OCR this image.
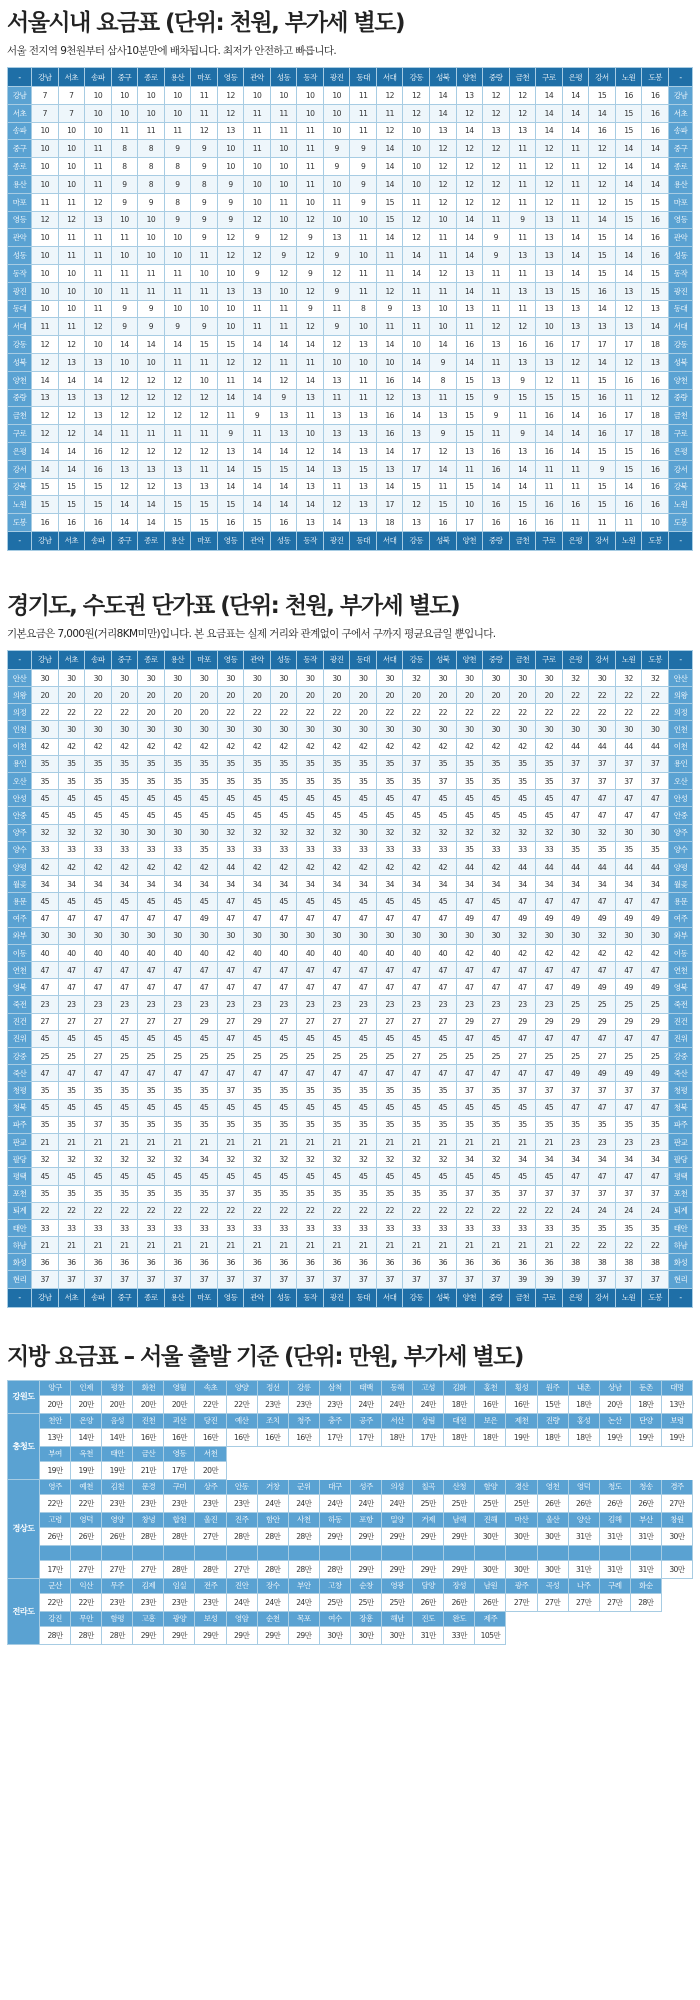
서울시내 요금표 (단위: 천원, 부가세 별도)
서울 전지역 9천원부터 삼사10분만에 배차됩니다. 최저가 안전하고 빠릅니다.
-	강남	서초	송파	중구	종로	용산	마포	영등	관악	성동	동작	광진	동대	서대	강동	성북	양천	중랑	금천	구로	은평	강서	노원	도봉	-
강남	7	7	10	10	10	10	11	12	10	10	10	10	11	12	12	14	13	12	12	14	14	15	16	16	강남
서초	7	7	10	10	10	10	11	12	11	11	10	10	11	11	12	14	12	12	12	14	14	14	15	16	서초
송파	10	10	10	11	11	11	12	13	11	11	11	10	11	12	10	13	14	13	13	14	14	16	15	16	송파
중구	10	10	11	8	8	9	9	10	11	10	11	9	9	14	10	12	12	12	11	12	11	12	14	14	중구
종로	10	10	11	8	8	8	9	10	10	10	11	9	9	14	10	12	12	12	11	12	11	12	14	14	종로
용산	10	10	11	9	8	9	8	9	10	10	11	10	9	14	10	12	12	12	11	12	11	12	14	14	용산
마포	11	11	12	9	9	8	9	9	10	11	10	11	9	15	11	12	12	12	11	12	11	12	15	15	마포
영등	12	12	13	10	10	9	9	9	12	10	12	10	10	15	12	10	14	11	9	13	11	14	15	16	영등
관악	10	11	11	11	10	10	9	12	9	12	9	13	11	14	12	11	14	9	11	13	14	15	14	16	관악
성동	10	11	11	10	10	10	11	12	12	9	12	9	10	11	14	11	14	9	13	13	14	15	14	16	성동
동작	10	10	11	11	11	11	10	10	9	12	9	12	11	11	14	12	13	11	11	13	14	15	14	15	동작
광진	10	10	10	11	11	11	11	13	13	10	12	9	11	12	11	11	14	11	13	13	15	16	13	15	광진
동대	10	10	11	9	9	10	10	10	11	11	9	11	8	9	13	10	13	11	11	13	13	14	12	13	동대
서대	11	11	12	9	9	9	9	10	11	11	12	9	10	11	11	10	11	12	12	10	13	13	13	14	서대
강동	12	12	10	14	14	14	15	15	14	14	14	12	13	14	10	14	16	13	16	16	17	17	17	18	강동
성북	12	13	13	10	10	11	11	12	12	11	11	10	10	10	14	9	14	11	13	13	12	14	12	13	성북
양천	14	14	14	12	12	12	10	11	14	12	14	13	11	16	14	8	15	13	9	12	11	15	16	16	양천
중랑	13	13	13	12	12	12	12	14	14	9	13	11	11	12	13	11	15	9	15	15	15	16	11	12	중랑
금천	12	12	13	12	12	12	12	11	9	13	11	13	13	16	14	13	15	9	11	16	14	16	17	18	금천
구로	12	12	14	11	11	11	11	9	11	13	10	13	13	16	13	9	15	11	9	14	14	16	17	18	구로
은평	14	14	16	12	12	12	12	13	14	14	12	14	13	14	17	12	13	16	13	16	14	15	15	16	은평
강서	14	14	16	13	13	13	11	14	15	15	14	13	15	13	17	14	11	16	14	11	11	9	15	16	강서
강북	15	15	15	12	12	13	13	14	14	14	13	11	13	14	15	11	15	14	14	11	11	15	14	16	강북
노원	15	15	15	14	14	15	15	15	14	14	14	12	13	17	12	15	10	16	15	16	16	15	16	16	노원
도봉	16	16	16	14	14	15	15	16	15	16	13	14	13	18	13	16	17	16	16	16	11	11	11	10	도봉
-	강남	서초	송파	중구	종로	용산	마포	영등	관악	성동	동작	광진	동대	서대	강동	성북	양천	중랑	금천	구로	은평	강서	노원	도봉	-
경기도, 수도권 단가표 (단위: 천원, 부가세 별도)
기본요금은 7,000원(거리8KM미만)입니다. 본 요금표는 실제 거리와 관계없이 구에서 구까지 평균요금일 뿐입니다.
-	강남	서초	송파	중구	종로	용산	마포	영등	관악	성동	동작	광진	동대	서대	강동	성북	양천	중랑	금천	구로	은평	강서	노원	도봉	-
안산	30	30	30	30	30	30	30	30	30	30	30	30	30	30	32	30	30	30	30	30	32	30	32	32	안산
의왕	20	20	20	20	20	20	20	20	20	20	20	20	20	20	20	20	20	20	20	20	22	22	22	22	의왕
의정	22	22	22	22	20	20	20	22	22	22	22	22	20	22	22	22	22	22	22	22	22	22	22	22	의정
인천	30	30	30	30	30	30	30	30	30	30	30	30	30	30	30	30	30	30	30	30	30	30	30	30	인천
이천	42	42	42	42	42	42	42	42	42	42	42	42	42	42	42	42	42	42	42	42	44	44	44	44	이천
용인	35	35	35	35	35	35	35	35	35	35	35	35	35	35	37	35	35	35	35	35	37	37	37	37	용인
오산	35	35	35	35	35	35	35	35	35	35	35	35	35	35	35	37	35	35	35	35	37	37	37	37	오산
안성	45	45	45	45	45	45	45	45	45	45	45	45	45	45	47	45	45	45	45	45	47	47	47	47	안성
안중	45	45	45	45	45	45	45	45	45	45	45	45	45	45	45	45	45	45	45	45	47	47	47	47	안중
양주	32	32	32	30	30	30	30	32	32	32	32	32	30	32	32	32	32	32	32	32	30	32	30	30	양주
양수	33	33	33	33	33	33	35	33	33	33	33	33	33	33	33	33	35	33	33	33	35	35	35	35	양수
양평	42	42	42	42	42	42	42	44	42	42	42	42	42	42	42	42	44	42	44	44	44	44	44	44	양평
월곶	34	34	34	34	34	34	34	34	34	34	34	34	34	34	34	34	34	34	34	34	34	34	34	34	월곶
용문	45	45	45	45	45	45	45	47	45	45	45	45	45	45	45	45	47	45	47	47	47	47	47	47	용문
여주	47	47	47	47	47	47	49	47	47	47	47	47	47	47	47	47	49	47	49	49	49	49	49	49	여주
와부	30	30	30	30	30	30	30	30	30	30	30	30	30	30	30	30	30	30	32	30	30	32	30	30	와부
이동	40	40	40	40	40	40	40	42	40	40	40	40	40	40	40	40	42	40	42	42	42	42	42	42	이동
연천	47	47	47	47	47	47	47	47	47	47	47	47	47	47	47	47	47	47	47	47	47	47	47	47	연천
영북	47	47	47	47	47	47	47	47	47	47	47	47	47	47	47	47	47	47	47	47	49	49	49	49	영북
죽전	23	23	23	23	23	23	23	23	23	23	23	23	23	23	23	23	23	23	23	23	25	25	25	25	죽전
진건	27	27	27	27	27	27	29	27	29	27	27	27	27	27	27	27	29	27	29	29	29	29	29	29	진건
진위	45	45	45	45	45	45	45	47	45	45	45	45	45	45	45	45	47	45	47	47	47	47	47	47	진위
강중	25	25	27	25	25	25	25	25	25	25	25	25	25	25	27	25	25	25	27	25	25	27	25	25	강중
죽산	47	47	47	47	47	47	47	47	47	47	47	47	47	47	47	47	47	47	47	47	49	49	49	49	죽산
청평	35	35	35	35	35	35	35	37	35	35	35	35	35	35	35	35	37	35	37	37	37	37	37	37	청평
청북	45	45	45	45	45	45	45	45	45	45	45	45	45	45	45	45	45	45	45	45	47	47	47	47	청북
파주	35	35	37	35	35	35	35	35	35	35	35	35	35	35	35	35	35	35	35	35	35	35	35	35	파주
판교	21	21	21	21	21	21	21	21	21	21	21	21	21	21	21	21	21	21	21	21	23	23	23	23	판교
팔당	32	32	32	32	32	32	34	32	32	32	32	32	32	32	32	32	34	32	34	34	34	34	34	34	팔당
평택	45	45	45	45	45	45	45	45	45	45	45	45	45	45	45	45	45	45	45	45	47	47	47	47	평택
포천	35	35	35	35	35	35	35	37	35	35	35	35	35	35	35	35	37	35	37	37	37	37	37	37	포천
퇴계	22	22	22	22	22	22	22	22	22	22	22	22	22	22	22	22	22	22	22	22	24	24	24	24	퇴계
태안	33	33	33	33	33	33	33	33	33	33	33	33	33	33	33	33	33	33	33	33	35	35	35	35	태안
하남	21	21	21	21	21	21	21	21	21	21	21	21	21	21	21	21	21	21	21	21	22	22	22	22	하남
화성	36	36	36	36	36	36	36	36	36	36	36	36	36	36	36	36	36	36	36	36	38	38	38	38	화성
현리	37	37	37	37	37	37	37	37	37	37	37	37	37	37	37	37	37	37	39	39	39	37	37	37	현리
-	강남	서초	송파	중구	종로	용산	마포	영등	관악	성동	동작	광진	동대	서대	강동	성북	양천	중랑	금천	구로	은평	강서	노원	도봉	-
지방 요금표 – 서울 출발 기준 (단위: 만원, 부가세 별도)
강원도	양구	인제	평창	화천	영월	속초	양양	정선	강릉	삼척	태백	동해	고성	김화	홍천	횡성	원주	내촌	상남	둔촌	대명
	20만	20만	20만	20만	20만	22만	22만	23만	23만	23만	24만	24만	24만	18만	16만	16만	15만	18만	20만	18만	13만
충청도	천안	온양	음성	진천	괴산	당진	예산	조치	청주	충주	공주	서산	상림	대전	보은	제천	진량	홍성	논산	단양	보령
	13만	14만	14만	16만	16만	16만	16만	16만	16만	17만	17만	18만	17만	18만	18만	19만	18만	18만	19만	19만	19만
	부여	옥천	태안	금산	영동	서천															
	19만	19만	19만	21만	17만	20만															
경상도	영주	예천	김천	문경	구미	상주	안동	거창	군위	대구	성주	의성	칠곡	산청	함양	경산	영천	영덕	청도	청송	경주
	22만	22만	23만	23만	23만	23만	23만	24만	24만	24만	24만	24만	25만	25만	25만	25만	26만	26만	26만	26만	27만
	고령	영덕	영양	창녕	합천	울진	진주	함안	사천	하동	포항	밀양	거제	남해	진해	마산	울산	양산	김해	부산	창원
	26만	26만	26만	28만	28만	27만	28만	28만	28만	29만	29만	29만	29만	29만	30만	30만	30만	31만	31만	31만	30만

	17만	27만	27만	27만	28만	28만	27만	28만	28만	28만	29만	29만	29만	29만	30만	30만	30만	31만	31만	31만	30만
전라도	군산	익산	무주	김제	임실	전주	진안	장수	부안	고창	순창	영광	담양	장성	남원	광주	곡성	나주	구례	화순	
	22만	22만	23만	23만	23만	23만	24만	24만	24만	25만	25만	25만	26만	26만	26만	27만	27만	27만	27만	28만	
	강진	무안	함평	고흥	광양	보성	영암	순천	목포	여수	장흥	해남	진도	완도	제주						
	28만	28만	28만	29만	29만	29만	29만	29만	29만	30만	30만	30만	31만	33만	105만						
